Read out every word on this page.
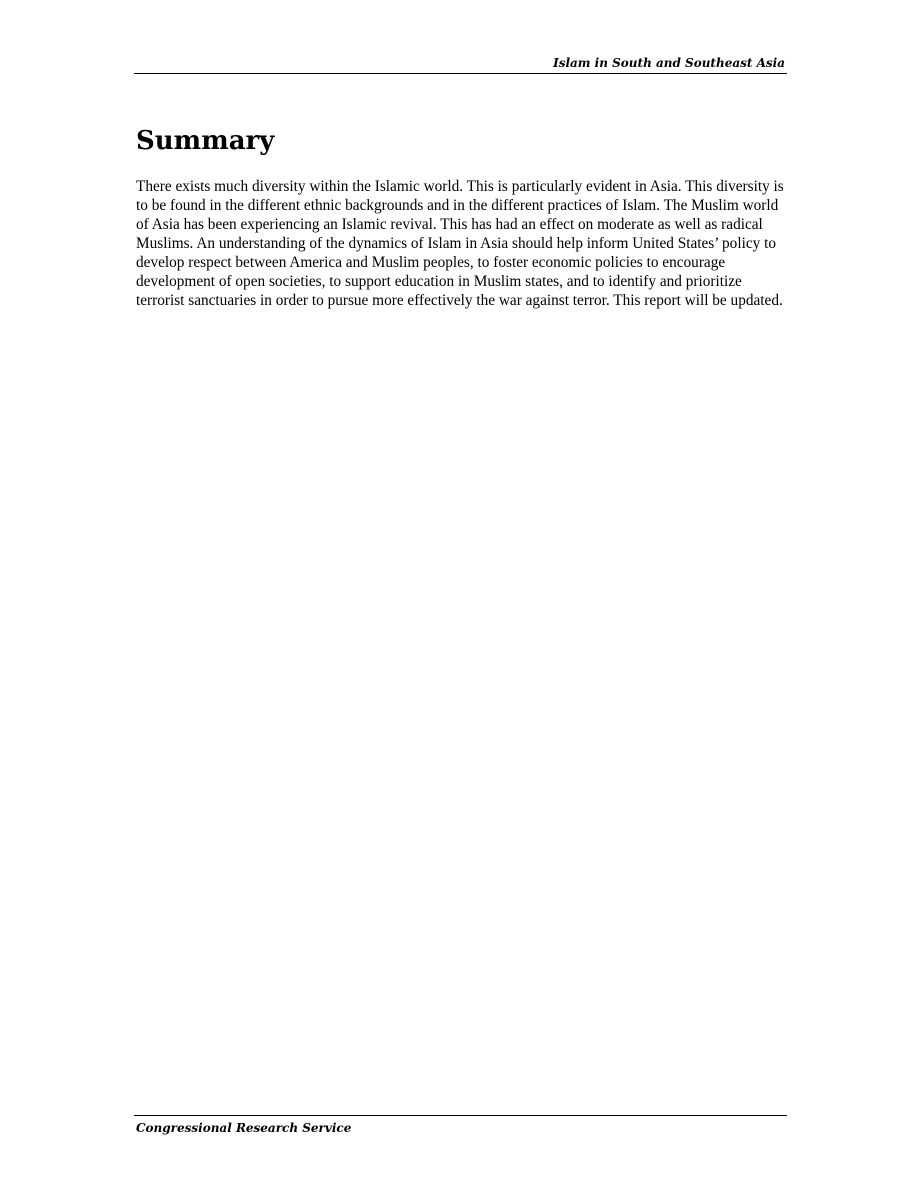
Islam in South and Southeast Asia
Summary

There exists much diversity within the Islamic world. This is particularly evident in Asia. This diversity is to be found in the different ethnic backgrounds and in the different practices of Islam. The Muslim world of Asia has been experiencing an Islamic revival. This has had an effect on moderate as well as radical Muslims. An understanding of the dynamics of Islam in Asia should help inform United States’ policy to develop respect between America and Muslim peoples, to foster economic policies to encourage development of open societies, to support education in Muslim states, and to identify and prioritize terrorist sanctuaries in order to pursue more effectively the war against terror. This report will be updated.

Congressional Research Service
